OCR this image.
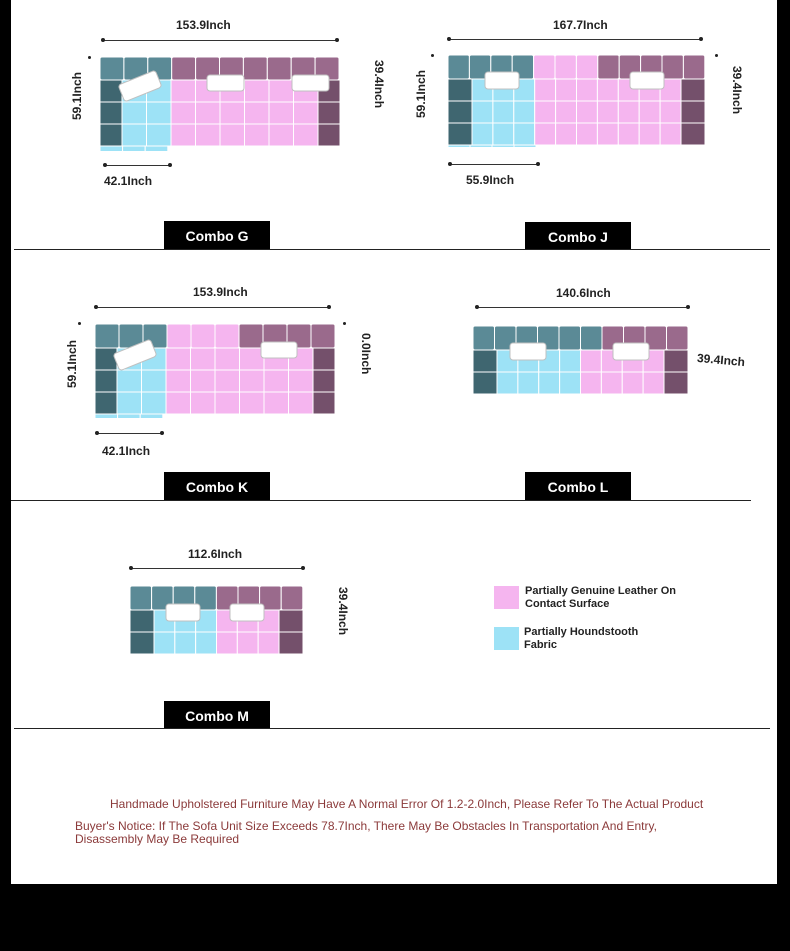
153.9Inch
59.1Inch	39.4Inch
42.1Inch
Combo G
167.7Inch
59.1Inch	39.4Inch
55.9Inch
Combo J
153.9Inch
59.1Inch	0.0Inch
42.1Inch
Combo K
140.6Inch
39.4Inch
Combo L
112.6Inch
39.4Inch
Combo M
Partially Genuine Leather On Contact Surface
Partially Houndstooth Fabric
Handmade Upholstered Furniture May Have A Normal Error Of 1.2-2.0Inch, Please Refer To The Actual Product
Buyer's Notice: If The Sofa Unit Size Exceeds 78.7Inch, There May Be Obstacles In Transportation And Entry, Disassembly May Be Required
